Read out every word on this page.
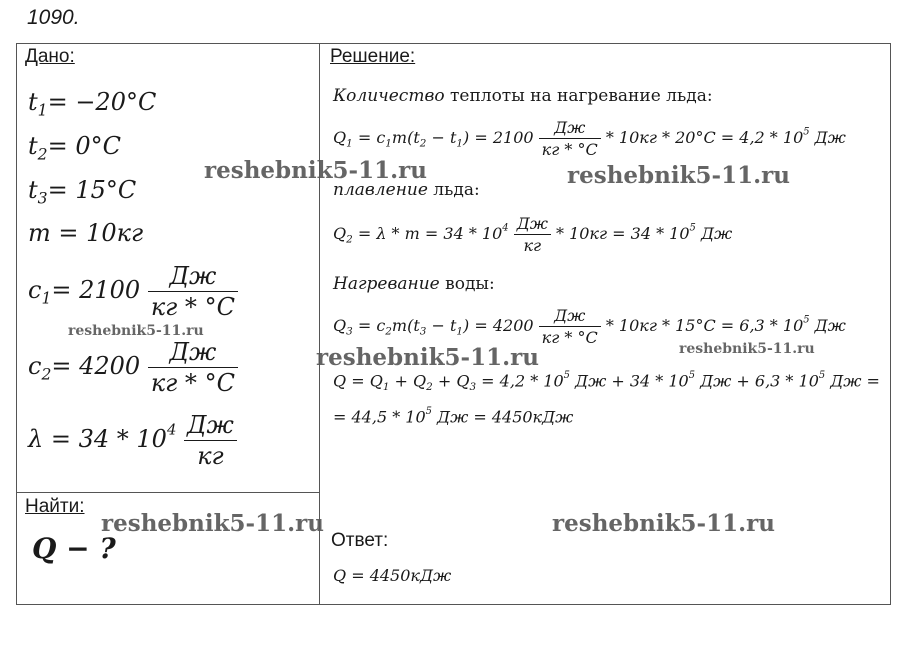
1090.
Дано:
$t_1= -20^\circ C$
$t_2= 0^\circ C$
$t_3= 15^\circ C$
m = 10кг
$c_1= 2100 \frac{Дж}{кг * ^\circ C}$
$c_2= 4200 \frac{Дж}{кг * ^\circ C}$
$\lambda = 34 * 10^4 \frac{Дж}{кг}$
Найти:
Q − ?
Решение:
Количество теплоты на нагревание льда:
$Q_1 = c_1m(t_2 - t_1) = 2100 \frac{Дж}{кг * ^\circ C} * 10кг * 20^\circ C = 4,2 * 10^5$ Дж
плавление льда:
$Q_2 = \lambda * m = 34 * 10^4 \frac{Дж}{кг} * 10кг = 34 * 10^5$ Дж
Нагревание воды:
$Q_3 = c_2m(t_3 - t_1) = 4200 \frac{Дж}{кг * ^\circ C} * 10кг * 15^\circ C = 6,3 * 10^5$ Дж
$Q = Q_1 + Q_2 + Q_3 = 4,2 * 10^5$ Дж + $34 * 10^5$ Дж + $6,3 * 10^5$ Дж =
= $44,5 * 10^5$ Дж = 4450кДж
Ответ:
Q = 4450кДж
reshebnik5-11.ru	reshebnik5-11.ru
reshebnik5-11.ru
reshebnik5-11.ru	reshebnik5-11.ru
reshebnik5-11.ru
reshebnik5-11.ru
